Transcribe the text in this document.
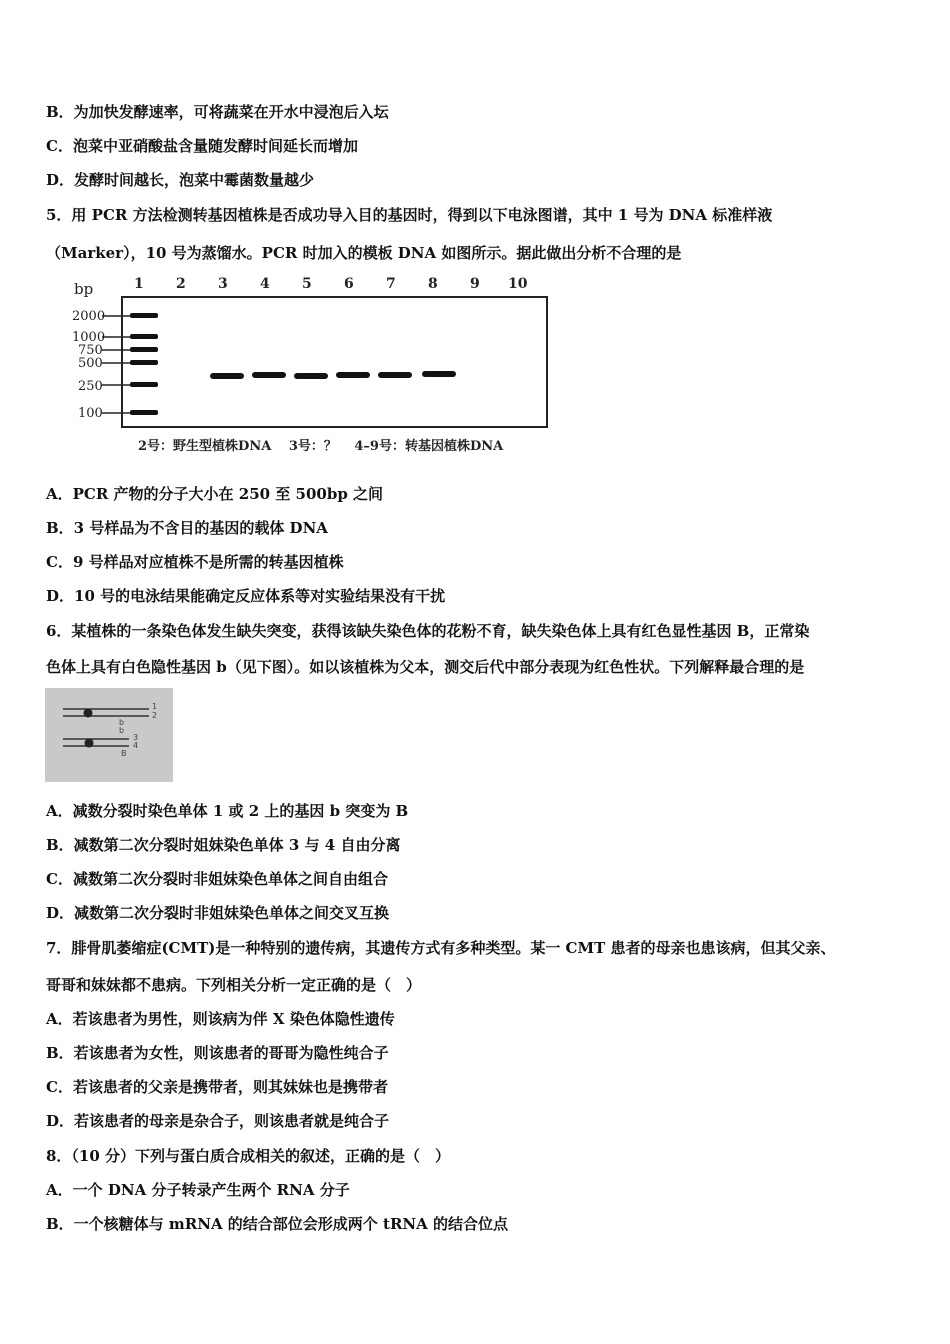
B．为加快发酵速率，可将蔬菜在开水中浸泡后入坛
C．泡菜中亚硝酸盐含量随发酵时间延长而增加
D．发酵时间越长，泡菜中霉菌数量越少
5．用 PCR 方法检测转基因植株是否成功导入目的基因时，得到以下电泳图谱，其中 1 号为 DNA 标准样液
（Marker），10 号为蒸馏水。PCR 时加入的模板 DNA 如图所示。据此做出分析不合理的是
bp	1 2 3 4 5 6 7 8 9 10
2000
1000
750
500
250
100
2号：野生型植株DNA　 3号：？　 4–9号：转基因植株DNA
A．PCR 产物的分子大小在 250 至 500bp 之间
B．3 号样品为不含目的基因的载体 DNA
C．9 号样品对应植株不是所需的转基因植株
D．10 号的电泳结果能确定反应体系等对实验结果没有干扰
6．某植株的一条染色体发生缺失突变，获得该缺失染色体的花粉不育，缺失染色体上具有红色显性基因 B，正常染
色体上具有白色隐性基因 b（见下图）。如以该植株为父本，测交后代中部分表现为红色性状。下列解释最合理的是
1
2
b
b
3
4
B
A．减数分裂时染色单体 1 或 2 上的基因 b 突变为 B
B．减数第二次分裂时姐妹染色单体 3 与 4 自由分离
C．减数第二次分裂时非姐妹染色单体之间自由组合
D．减数第二次分裂时非姐妹染色单体之间交叉互换
7．腓骨肌萎缩症(CMT)是一种特别的遗传病，其遗传方式有多种类型。某一 CMT 患者的母亲也患该病，但其父亲、
哥哥和妹妹都不患病。下列相关分析一定正确的是（　）
A．若该患者为男性，则该病为伴 X 染色体隐性遗传
B．若该患者为女性，则该患者的哥哥为隐性纯合子
C．若该患者的父亲是携带者，则其妹妹也是携带者
D．若该患者的母亲是杂合子，则该患者就是纯合子
8．（10 分）下列与蛋白质合成相关的叙述，正确的是（　）
A．一个 DNA 分子转录产生两个 RNA 分子
B．一个核糖体与 mRNA 的结合部位会形成两个 tRNA 的结合位点
